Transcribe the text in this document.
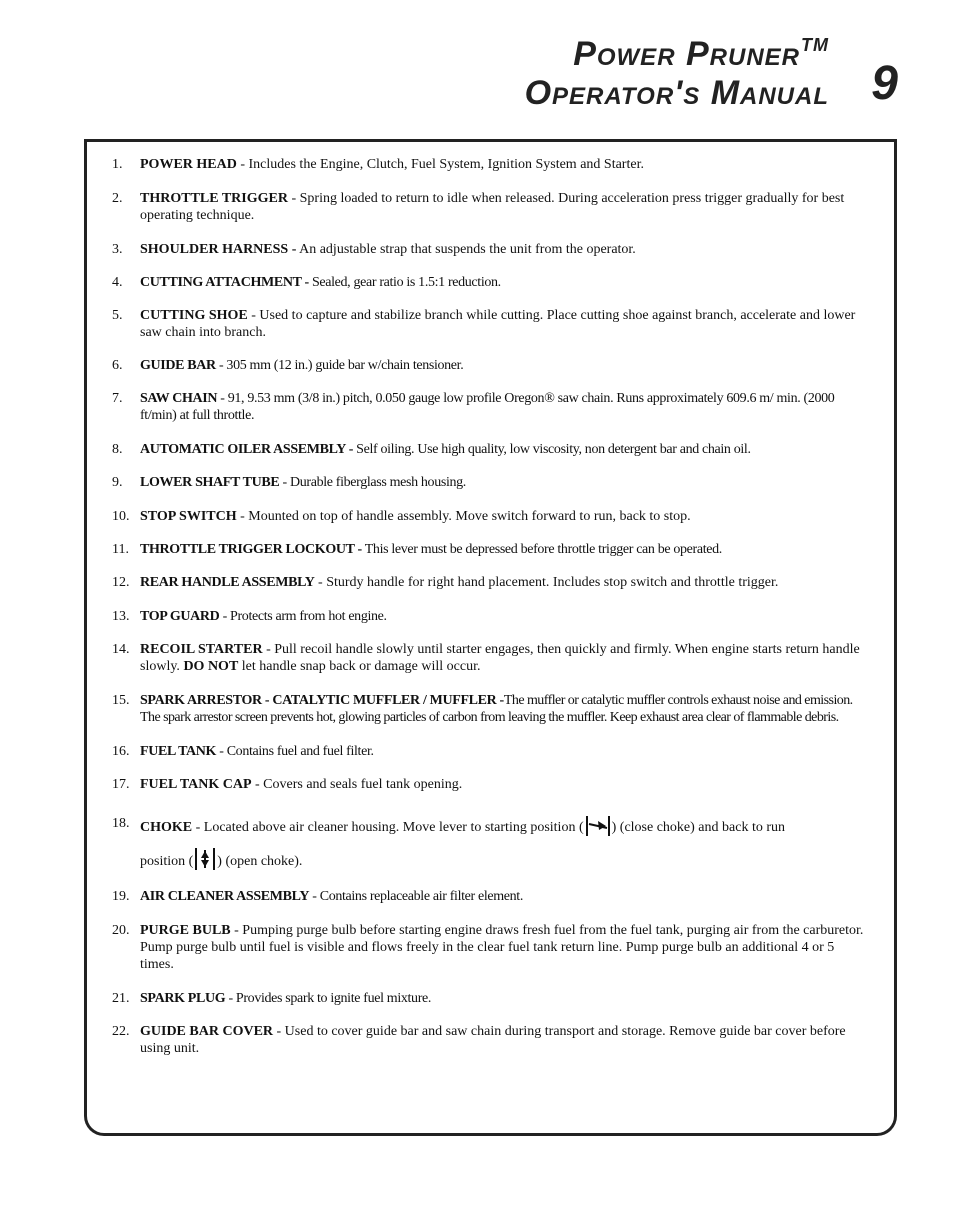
Power Pruner™
Operator's Manual 9
1. POWER HEAD - Includes the Engine, Clutch, Fuel System, Ignition System and Starter.
2. THROTTLE TRIGGER - Spring loaded to return to idle when released. During acceleration press trigger gradually for best operating technique.
3. SHOULDER HARNESS - An adjustable strap that suspends the unit from the operator.
4. CUTTING ATTACHMENT - Sealed, gear ratio is 1.5:1 reduction.
5. CUTTING SHOE - Used to capture and stabilize branch while cutting. Place cutting shoe against branch, accelerate and lower saw chain into branch.
6. GUIDE BAR - 305 mm (12 in.) guide bar w/chain tensioner.
7. SAW CHAIN - 91, 9.53 mm (3/8 in.) pitch, 0.050 gauge low profile Oregon® saw chain. Runs approximately 609.6 m/ min. (2000 ft/min) at full throttle.
8. AUTOMATIC OILER ASSEMBLY - Self oiling. Use high quality, low viscosity, non detergent bar and chain oil.
9. LOWER SHAFT TUBE - Durable fiberglass mesh housing.
10. STOP SWITCH - Mounted on top of handle assembly. Move switch forward to run, back to stop.
11. THROTTLE TRIGGER LOCKOUT - This lever must be depressed before throttle trigger can be operated.
12. REAR HANDLE ASSEMBLY - Sturdy handle for right hand placement. Includes stop switch and throttle trigger.
13. TOP GUARD - Protects arm from hot engine.
14. RECOIL STARTER - Pull recoil handle slowly until starter engages, then quickly and firmly. When engine starts return handle slowly. DO NOT let handle snap back or damage will occur.
15. SPARK ARRESTOR - CATALYTIC MUFFLER / MUFFLER -The muffler or catalytic muffler controls exhaust noise and emission. The spark arrestor screen prevents hot, glowing particles of carbon from leaving the muffler. Keep exhaust area clear of flammable debris.
16. FUEL TANK - Contains fuel and fuel filter.
17. FUEL TANK CAP - Covers and seals fuel tank opening.
18. CHOKE - Located above air cleaner housing. Move lever to starting position ( ) (close choke) and back to run
position ( ) (open choke).
19. AIR CLEANER ASSEMBLY - Contains replaceable air filter element.
20. PURGE BULB - Pumping purge bulb before starting engine draws fresh fuel from the fuel tank, purging air from the carburetor. Pump purge bulb until fuel is visible and flows freely in the clear fuel tank return line. Pump purge bulb an additional 4 or 5 times.
21. SPARK PLUG - Provides spark to ignite fuel mixture.
22. GUIDE BAR COVER - Used to cover guide bar and saw chain during transport and storage. Remove guide bar cover before using unit.
